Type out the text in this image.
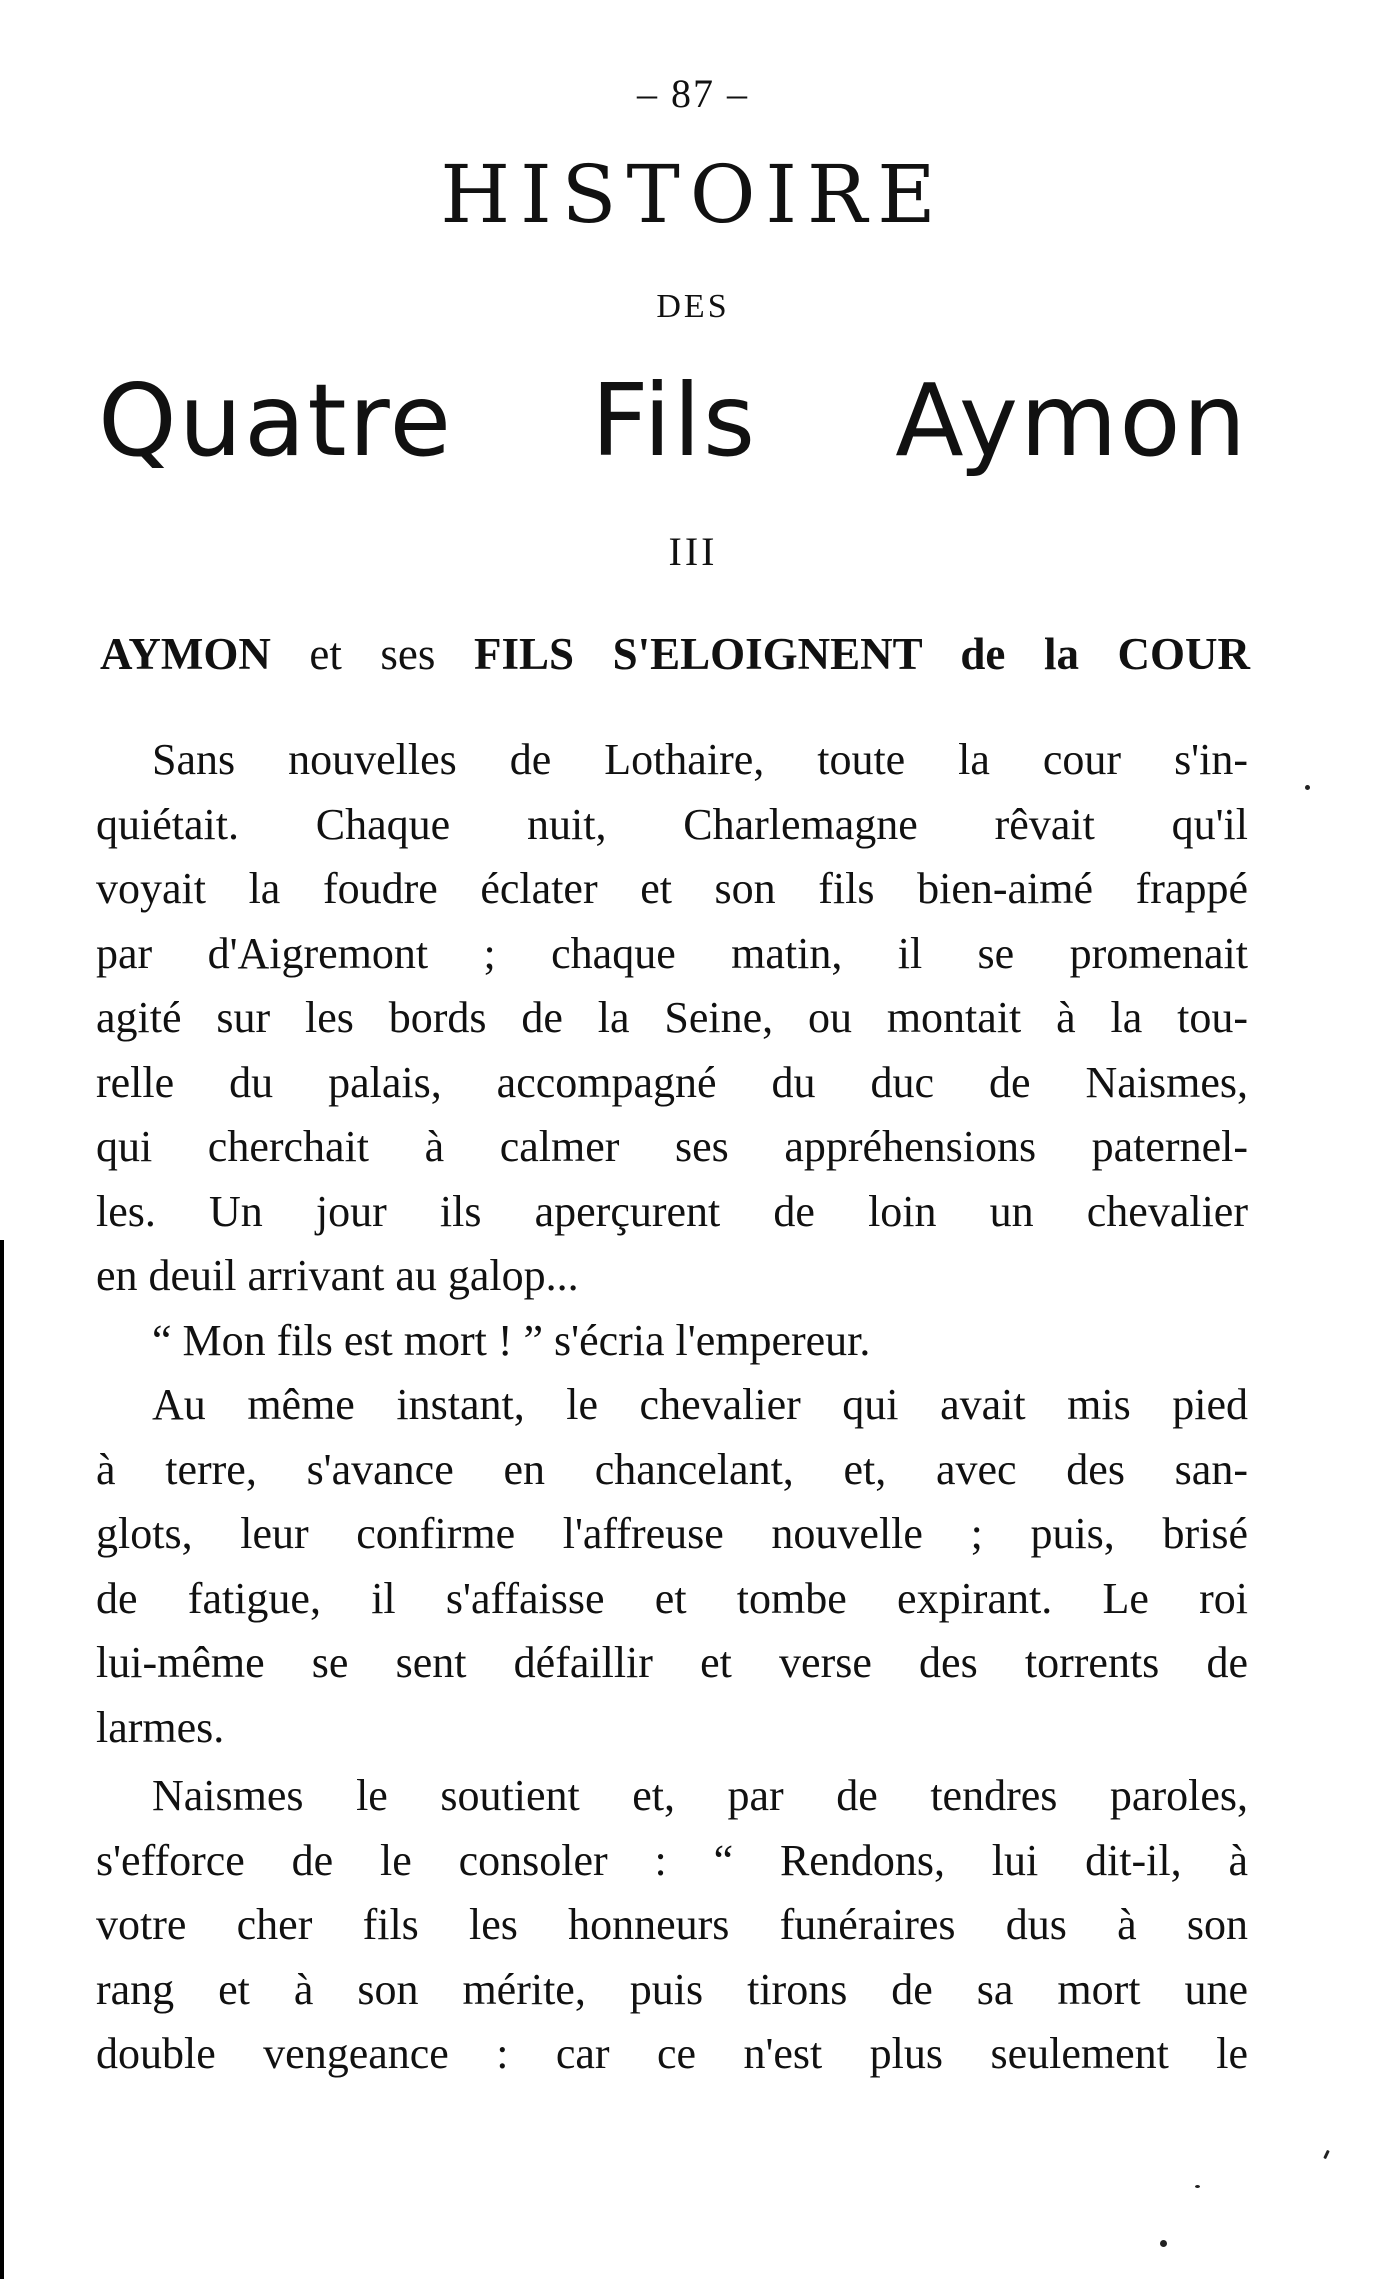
– 87 –
HISTOIRE
DES
Quatre Fils Aymon
III
AYMON et ses FILS S'ELOIGNENT de la COUR
Sans nouvelles de Lothaire, toute la cour s'in-
quiétait. Chaque nuit, Charlemagne rêvait qu'il
voyait la foudre éclater et son fils bien-aimé frappé
par d'Aigremont ; chaque matin, il se promenait
agité sur les bords de la Seine, ou montait à la tou-
relle du palais, accompagné du duc de Naismes,
qui cherchait à calmer ses appréhensions paternel-
les. Un jour ils aperçurent de loin un chevalier
en deuil arrivant au galop...
“ Mon fils est mort ! ” s'écria l'empereur.
Au même instant, le chevalier qui avait mis pied
à terre, s'avance en chancelant, et, avec des san-
glots, leur confirme l'affreuse nouvelle ; puis, brisé
de fatigue, il s'affaisse et tombe expirant. Le roi
lui-même se sent défaillir et verse des torrents de
larmes.
Naismes le soutient et, par de tendres paroles,
s'efforce de le consoler : “ Rendons, lui dit-il, à
votre cher fils les honneurs funéraires dus à son
rang et à son mérite, puis tirons de sa mort une
double vengeance : car ce n'est plus seulement le
